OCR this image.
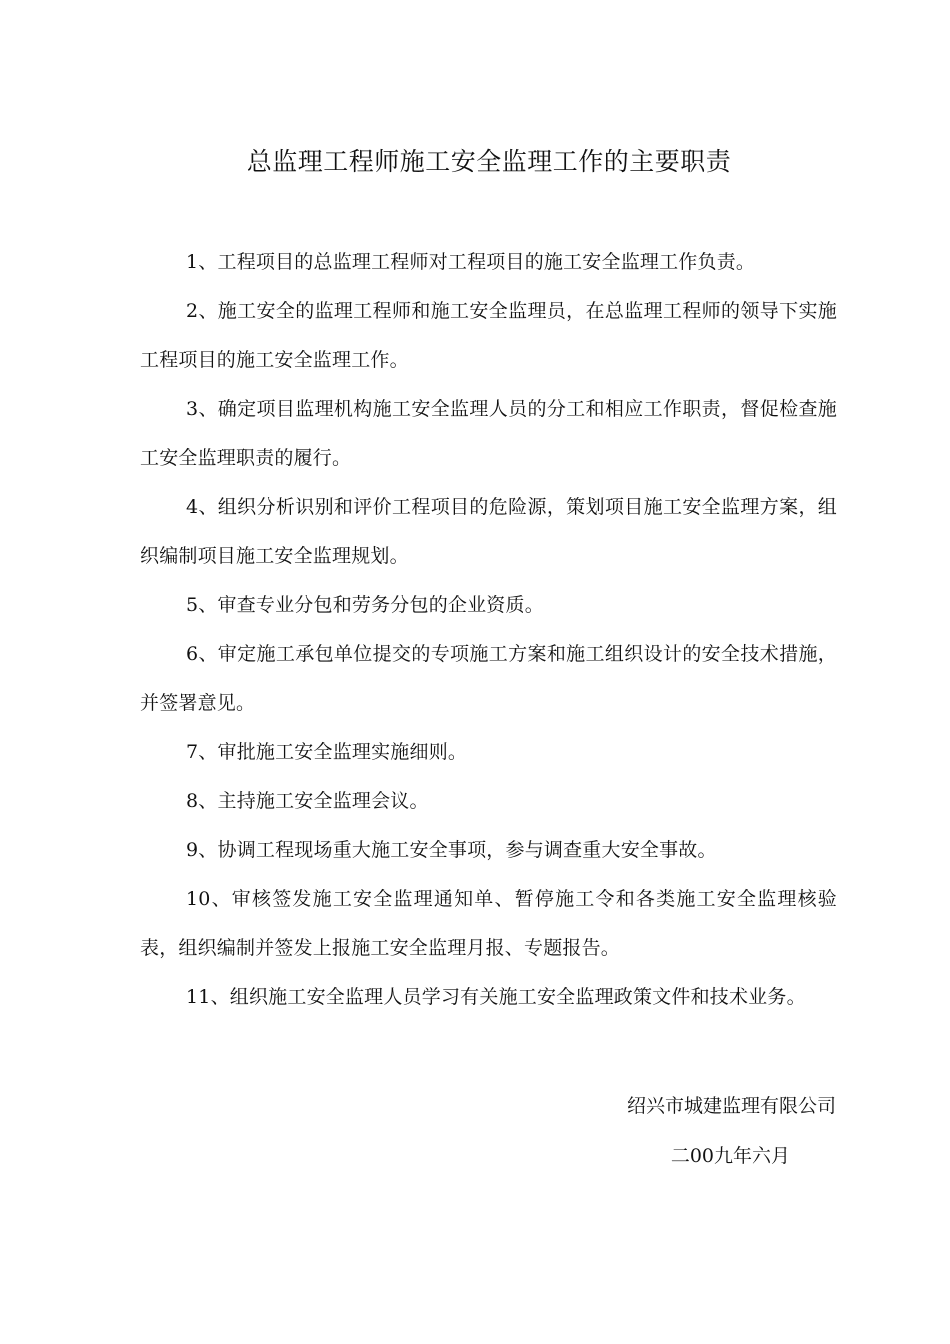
总监理工程师施工安全监理工作的主要职责

1、工程项目的总监理工程师对工程项目的施工安全监理工作负责。

2、施工安全的监理工程师和施工安全监理员，在总监理工程师的领导下实施工程项目的施工安全监理工作。

3、确定项目监理机构施工安全监理人员的分工和相应工作职责，督促检查施工安全监理职责的履行。

4、组织分析识别和评价工程项目的危险源，策划项目施工安全监理方案，组织编制项目施工安全监理规划。

5、审查专业分包和劳务分包的企业资质。

6、审定施工承包单位提交的专项施工方案和施工组织设计的安全技术措施，并签署意见。

7、审批施工安全监理实施细则。

8、主持施工安全监理会议。

9、协调工程现场重大施工安全事项，参与调查重大安全事故。

10、审核签发施工安全监理通知单、暂停施工令和各类施工安全监理核验表，组织编制并签发上报施工安全监理月报、专题报告。

11、组织施工安全监理人员学习有关施工安全监理政策文件和技术业务。

绍兴市城建监理有限公司
二00九年六月
